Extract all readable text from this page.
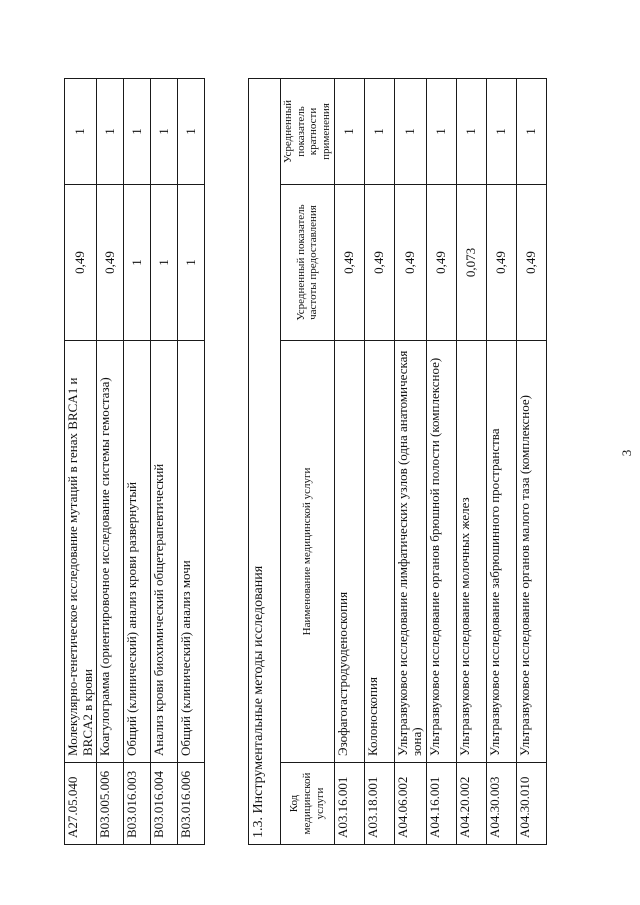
3
A27.05.040	Молекулярно-генетическое исследование мутаций в генах BRCA1 и BRCA2 в крови	0,49	1
B03.005.006	Коагулограмма (ориентировочное исследование системы гемостаза)	0,49	1
B03.016.003	Общий (клинический) анализ крови развернутый	1	1
B03.016.004	Анализ крови биохимический общетерапевтический	1	1
B03.016.006	Общий (клинический) анализ мочи	1	1
1.3. Инструментальные методы исследования			
Код медицинской услуги	Наименование медицинской услуги	Усредненный показатель частоты предоставления	Усредненный показатель кратности применения
A03.16.001	Эзофагогастродуоденоскопия	0,49	1
A03.18.001	Колоноскопия	0,49	1
A04.06.002	Ультразвуковое исследование лимфатических узлов (одна анатомическая зона)	0,49	1
A04.16.001	Ультразвуковое исследование органов брюшной полости (комплексное)	0,49	1
A04.20.002	Ультразвуковое исследование молочных желез	0,073	1
A04.30.003	Ультразвуковое исследование забрюшинного пространства	0,49	1
A04.30.010	Ультразвуковое исследование органов малого таза (комплексное)	0,49	1
